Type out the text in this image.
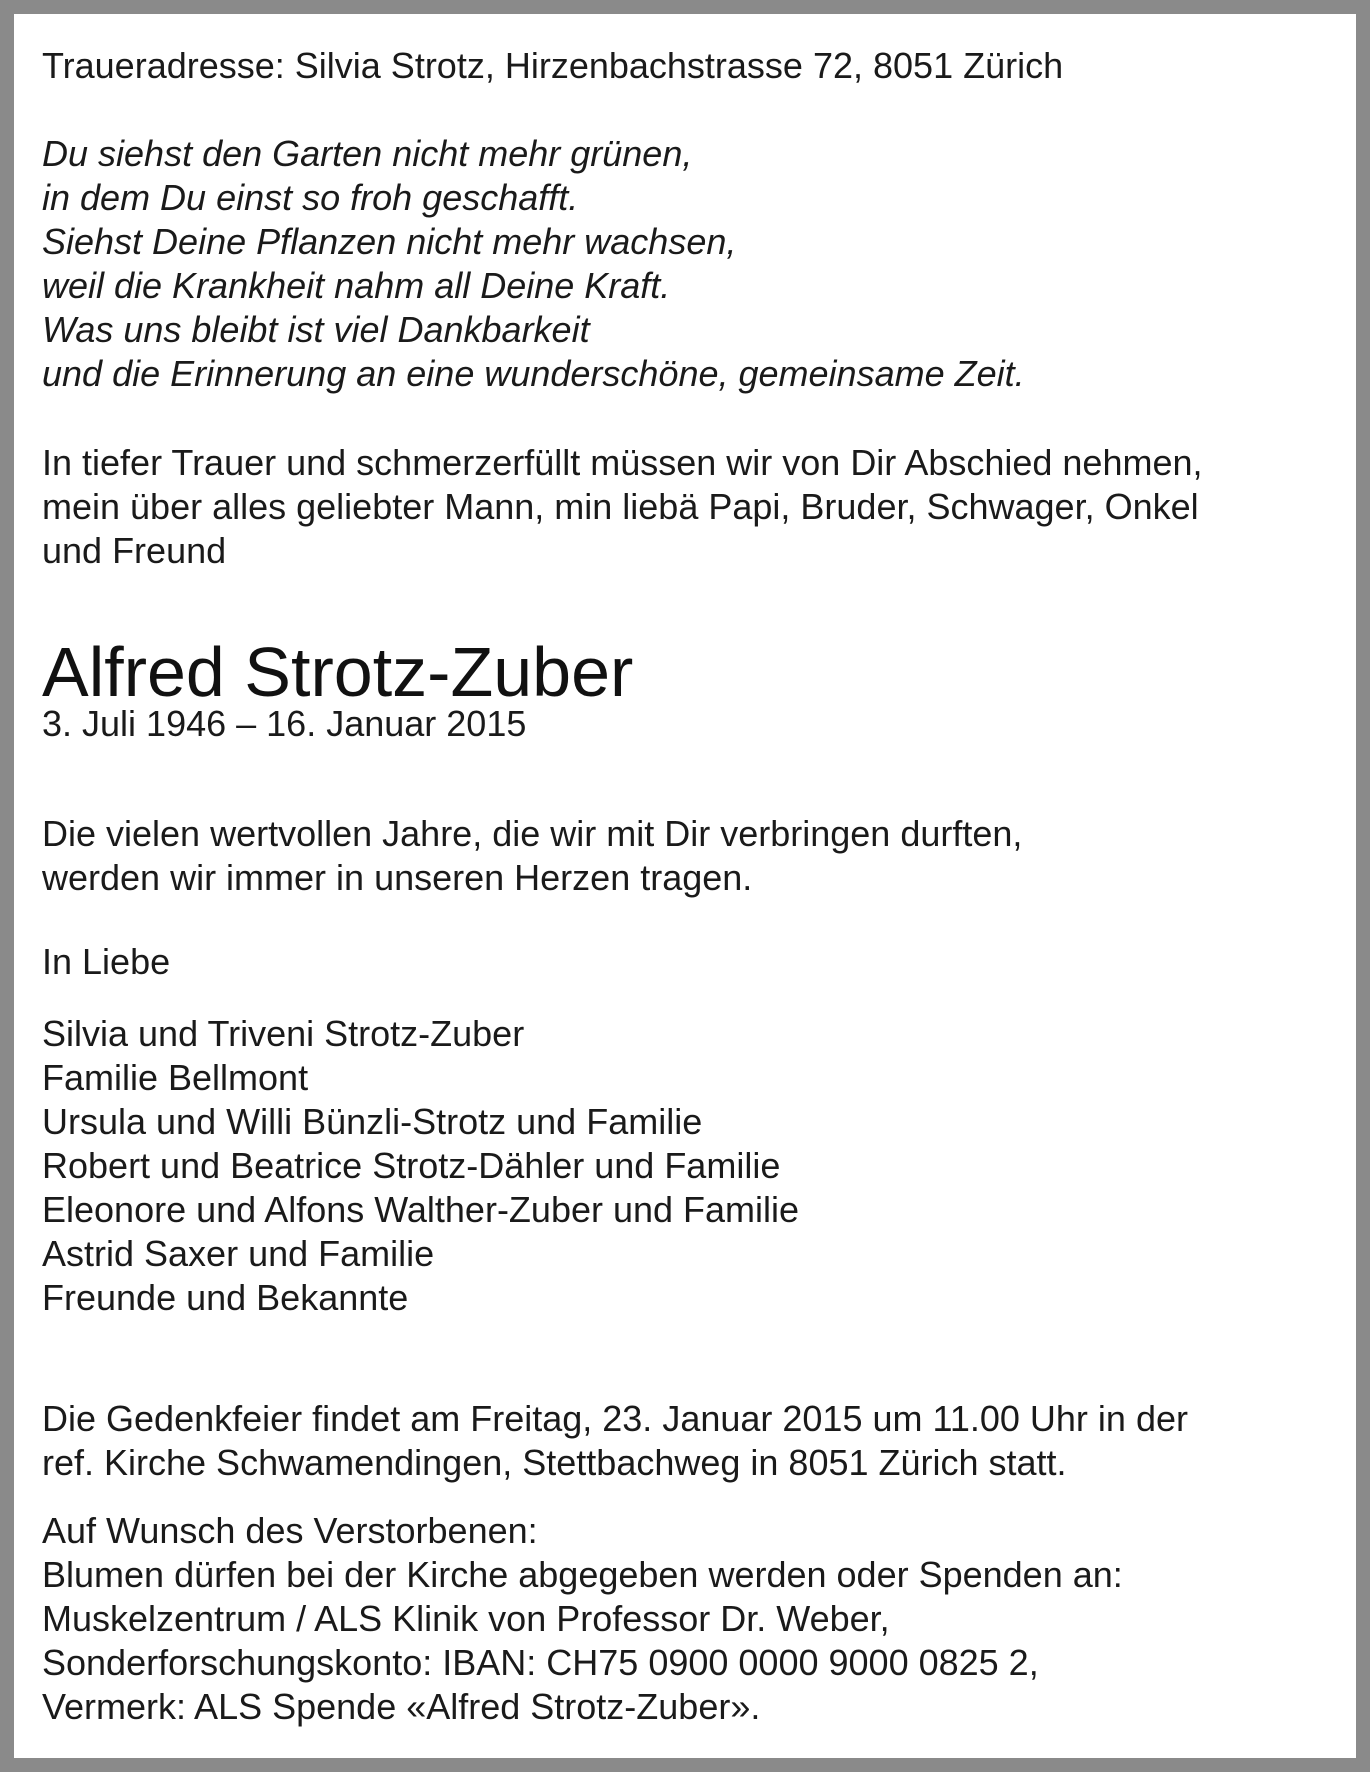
Traueradresse: Silvia Strotz, Hirzenbachstrasse 72, 8051 Zürich

Du siehst den Garten nicht mehr grünen,
in dem Du einst so froh geschafft.
Siehst Deine Pflanzen nicht mehr wachsen,
weil die Krankheit nahm all Deine Kraft.
Was uns bleibt ist viel Dankbarkeit
und die Erinnerung an eine wunderschöne, gemeinsame Zeit.
In tiefer Trauer und schmerzerfüllt müssen wir von Dir Abschied nehmen,
mein über alles geliebter Mann, min liebä Papi, Bruder, Schwager, Onkel
und Freund
Alfred Strotz-Zuber
3. Juli 1946 – 16. Januar 2015
Die vielen wertvollen Jahre, die wir mit Dir verbringen durften,
werden wir immer in unseren Herzen tragen.
In Liebe
Silvia und Triveni Strotz-Zuber
Familie Bellmont
Ursula und Willi Bünzli-Strotz und Familie
Robert und Beatrice Strotz-Dähler und Familie
Eleonore und Alfons Walther-Zuber und Familie
Astrid Saxer und Familie
Freunde und Bekannte
Die Gedenkfeier findet am Freitag, 23. Januar 2015 um 11.00 Uhr in der
ref. Kirche Schwamendingen, Stettbachweg in 8051 Zürich statt.
Auf Wunsch des Verstorbenen:
Blumen dürfen bei der Kirche abgegeben werden oder Spenden an:
Muskelzentrum / ALS Klinik von Professor Dr. Weber,
Sonderforschungskonto: IBAN: CH75 0900 0000 9000 0825 2,
Vermerk: ALS Spende «Alfred Strotz-Zuber».
